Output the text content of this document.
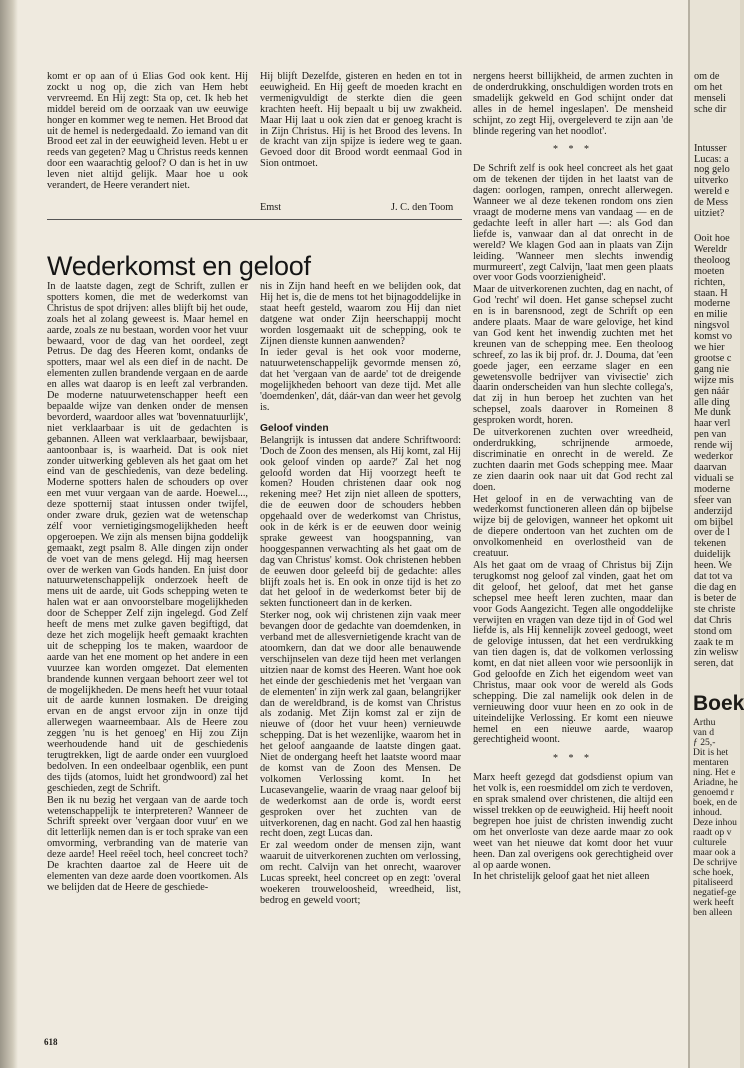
komt er op aan of ú Elias God ook kent. Hij zockt u nog op, die zich van Hem hebt vervreemd. En Hij zegt: Sta op, cet. Ik heb het middel bereid om de oorzaak van uw eeuwige honger en kommer weg te nemen. Het Brood dat uit de hemel is nedergedaald. Zo iemand van dit Brood eet zal in der eeuwigheid leven. Hebt u er reeds van gegeten? Mag u Christus reeds kennen door een waarachtig geloof? O dan is het in uw leven niet altijd gelijk. Maar hoe u ook verandert, de Heere verandert niet.

Hij blijft Dezelfde, gisteren en heden en tot in eeuwigheid. En Hij geeft de moeden kracht en vermenigvuldigt de sterkte dien die geen krachten heeft. Hij bepaalt u bij uw zwakheid. Maar Hij laat u ook zien dat er genoeg kracht is in Zijn Christus. Hij is het Brood des levens. In de kracht van zijn spijze is iedere weg te gaan. Gevoed door dit Brood wordt eenmaal God in Sion ontmoet.

Emst	J. C. den Toom
Wederkomst en geloof

In de laatste dagen, zegt de Schrift, zullen er spotters komen, die met de wederkomst van Christus de spot drijven: alles blijft bij het oude, zoals het al zolang geweest is. Maar hemel en aarde, zoals ze nu bestaan, worden voor het vuur bewaard, voor de dag van het oordeel, zegt Petrus. De dag des Heeren komt, ondanks de spotters, maar wel als een dief in de nacht. De elementen zullen brandende vergaan en de aarde en alles wat daarop is en leeft zal verbranden. De moderne natuurwetenschapper heeft een bepaalde wijze van denken onder de mensen bevorderd, waardoor alles wat 'bovennatuurlijk', niet verklaarbaar is uit de gedachten is gebannen. Alleen wat verklaarbaar, bewijsbaar, aantoonbaar is, is waarheid. Dat is ook niet zonder uitwerking gebleven als het gaat om het eind van de geschiedenis, van deze bedeling. Moderne spotters halen de schouders op over een met vuur vergaan van de aarde. Hoewel..., deze spotternij staat intussen onder twijfel, onder zware druk, gezien wat de wetenschap zélf voor vernietigingsmogelijkheden heeft opgeroepen. We zijn als mensen bijna goddelijk gemaakt, zegt psalm 8. Alle dingen zijn onder de voet van de mens gelegd. Hij mag heersen over de werken van Gods handen. En juist door natuurwetenschappelijk onderzoek heeft de mens uit de aarde, uit Gods schepping weten te halen wat er aan onvoorstelbare mogelijkheden door de Schepper Zelf zijn ingelegd. God Zelf heeft de mens met zulke gaven begiftigd, dat deze het zich mogelijk heeft gemaakt krachten uit de schepping los te maken, waardoor de aarde van het ene moment op het andere in een vuurzee kan worden omgezet. Dat elementen brandende kunnen vergaan behoort zeer wel tot de mogelijkheden. De mens heeft het vuur totaal uit de aarde kunnen losmaken. De dreiging ervan en de angst ervoor zijn in onze tijd allerwegen waarneembaar. Als de Heere zou zeggen 'nu is het genoeg' en Hij zou Zijn weerhoudende hand uit de geschiedenis terugtrekken, ligt de aarde onder een vuurgloed bedolven. In een ondeelbaar ogenblik, een punt des tijds (atomos, luidt het grondwoord) zal het geschieden, zegt de Schrift.

Ben ik nu bezig het vergaan van de aarde toch wetenschappelijk te interpreteren? Wanneer de Schrift spreekt over 'vergaan door vuur' en we dit letterlijk nemen dan is er toch sprake van een omvorming, verbranding van de materie van deze aarde! Heel reëel toch, heel concreet toch? De krachten daartoe zal de Heere uit de elementen van deze aarde doen voortkomen. Als we belijden dat de Heere de geschiede-

nis in Zijn hand heeft en we belijden ook, dat Hij het is, die de mens tot het bijnagoddelijke in staat heeft gesteld, waarom zou Hij dan niet datgene wat onder Zijn heerschappij mocht worden losgemaakt uit de schepping, ook te Zijnen dienste kunnen aanwenden?

In ieder geval is het ook voor moderne, natuurwetenschappelijk gevormde mensen zó, dat het 'vergaan van de aarde' tot de dreigende mogelijkheden behoort van deze tijd. Met alle 'doemdenken', dát, dáár-van dan weer het gevolg is.

Geloof vinden

Belangrijk is intussen dat andere Schriftwoord: 'Doch de Zoon des mensen, als Hij komt, zal Hij ook geloof vinden op aarde?' Zal het nog geloofd worden dat Hij voorzegt heeft te komen? Houden christenen daar ook nog rekening mee? Het zijn niet alleen de spotters, die de eeuwen door de schouders hebben opgehaald over de wederkomst van Christus, ook in de kérk is er de eeuwen door weinig sprake geweest van hoogspanning, van hooggespannen verwachting als het gaat om de dag van Christus' komst. Ook christenen hebben de eeuwen door geleefd bij de gedachte: alles blijft zoals het is. En ook in onze tijd is het zo dat het geloof in de wederkomst beter bij de sekten functioneert dan in de kerken.

Sterker nog, ook wij christenen zijn vaak meer bevangen door de gedachte van doemdenken, in verband met de allesvernietigende kracht van de atoomkern, dan dat we door alle benauwende verschijnselen van deze tijd heen met verlangen uitzien naar de komst des Heeren. Want hoe ook het einde der geschiedenis met het 'vergaan van de elementen' in zijn werk zal gaan, belangrijker dan de wereldbrand, is de komst van Christus als zodanig. Met Zijn komst zal er zijn de nieuwe of (door het vuur heen) vernieuwde schepping. Dat is het wezenlijke, waarom het in het geloof aangaande de laatste dingen gaat. Niet de ondergang heeft het laatste woord maar de komst van de Zoon des Mensen. De volkomen Verlossing komt. In het Lucasevangelie, waarin de vraag naar geloof bij de wederkomst aan de orde is, wordt eerst gesproken over het zuchten van de uitverkorenen, dag en nacht. God zal hen haastig recht doen, zegt Lucas dan.

Er zal weedom onder de mensen zijn, want waaruit de uitverkorenen zuchten om verlossing, om recht. Calvijn van het onrecht, waarover Lucas spreekt, heel concreet op en zegt: 'overal woekeren trouweloosheid, wreedheid, list, bedrog en geweld voort;

nergens heerst billijkheid, de armen zuchten in de onderdrukking, onschuldigen worden trots en smadelijk gekweld en God schijnt onder dat alles in de hemel ingeslapen'. De mensheid schijnt, zo zegt Hij, overgeleverd te zijn aan 'de blinde regering van het noodlot'.

* * *

De Schrift zelf is ook heel concreet als het gaat om de tekenen der tijden in het laatst van de dagen: oorlogen, rampen, onrecht allerwegen. Wanneer we al deze tekenen rondom ons zien vraagt de moderne mens van vandaag — en de gedachte leeft in aller hart —: als God dan liefde is, vanwaar dan al dat onrecht in de wereld? We klagen God aan in plaats van Zijn leiding. 'Wanneer men slechts inwendig murmureert', zegt Calvijn, 'laat men geen plaats over voor Gods voorzienigheid'.

Maar de uitverkorenen zuchten, dag en nacht, of God 'recht' wil doen. Het ganse schepsel zucht en is in barensnood, zegt de Schrift op een andere plaats. Maar de ware gelovige, het kind van God kent het inwendig zuchten met het kreunen van de schepping mee. Een theoloog schreef, zo las ik bij prof. dr. J. Douma, dat 'een goede jager, een eerzame slager en een gewetensvolle bedrijver van vivisectie' zich daarin onderscheiden van hun slechte collega's, dat zij in hun beroep het zuchten van het schepsel, zoals daarover in Romeinen 8 gesproken wordt, horen.

De uitverkorenen zuchten over wreedheid, onderdrukking, schrijnende armoede, discriminatie en onrecht in de wereld. Ze zuchten daarin met Gods schepping mee. Maar ze zien daarin ook naar uit dat God recht zal doen.

Het geloof in en de verwachting van de wederkomst functioneren alleen dán op bijbelse wijze bij de gelovigen, wanneer het opkomt uit de diepere ondertoon van het zuchten om de onvolkomenheid en overlostheid van de creatuur.

Als het gaat om de vraag of Christus bij Zijn terugkomst nog geloof zal vinden, gaat het om dit geloof, het geloof, dat met het ganse schepsel mee heeft leren zuchten, maar dan voor Gods Aangezicht. Tegen alle ongoddelijke verwijten en vragen van deze tijd in of God wel liefde is, als Hij kennelijk zoveel gedoogt, weet de gelovige intussen, dat het een verdrukking van tien dagen is, dat de volkomen verlossing komt, en dat niet alleen voor wie persoonlijk in God geloofde en Zich het eigendom weet van Christus, maar ook voor de wereld als Gods schepping. Die zal namelijk ook delen in de vernieuwing door vuur heen en zo ook in de uiteindelijke Verlossing. Er komt een nieuwe hemel en een nieuwe aarde, waarop gerechtigheid woont.

* * *

Marx heeft gezegd dat godsdienst opium van het volk is, een roesmiddel om zich te verdoven, en sprak smalend over christenen, die altijd een wissel trekken op de eeuwigheid. Hij heeft nooit begrepen hoe juist de christen inwendig zucht om het onverloste van deze aarde maar zo ook weet van het nieuwe dat komt door het vuur heen. Dan zal overigens ook gerechtigheid over al op aarde wonen.

In het christelijk geloof gaat het niet alleen

618
om de
om het
menseli
sche dir
Intusser
Lucas: a
nog gelo
uitverko
wereld e
de Mess
uitziet?
Ooit hoe
Wereldr
theoloog
moeten
richten,
staan. H
moderne
en milie
ningsvol
komst vo
we hier
grootse c
gang nie
wijze mis
gen náár
alle ding
Me dunk
haar verl
pen van
rende wij
wederkor
daarvan
viduali se
moderne
sfeer van
anderzijd
om bijbel
over de l
tekenen
duidelijk
heen. We
dat tot va
die dag en
is beter de
ste christe
dat Chris
stond om
zaak te m
zin welisw
seren, dat
Boek
Arthu
van d
ƒ 25,-
Dit is het
mentaren
ning. Het e
Ariadne, he
genoemd r
boek, en de
inhoud.
Deze inhou
raadt op v
culturele
maar ook a
De schrijve
sche hoek,
pitaliseerd
negatief-ge
werk heeft
ben alleen
